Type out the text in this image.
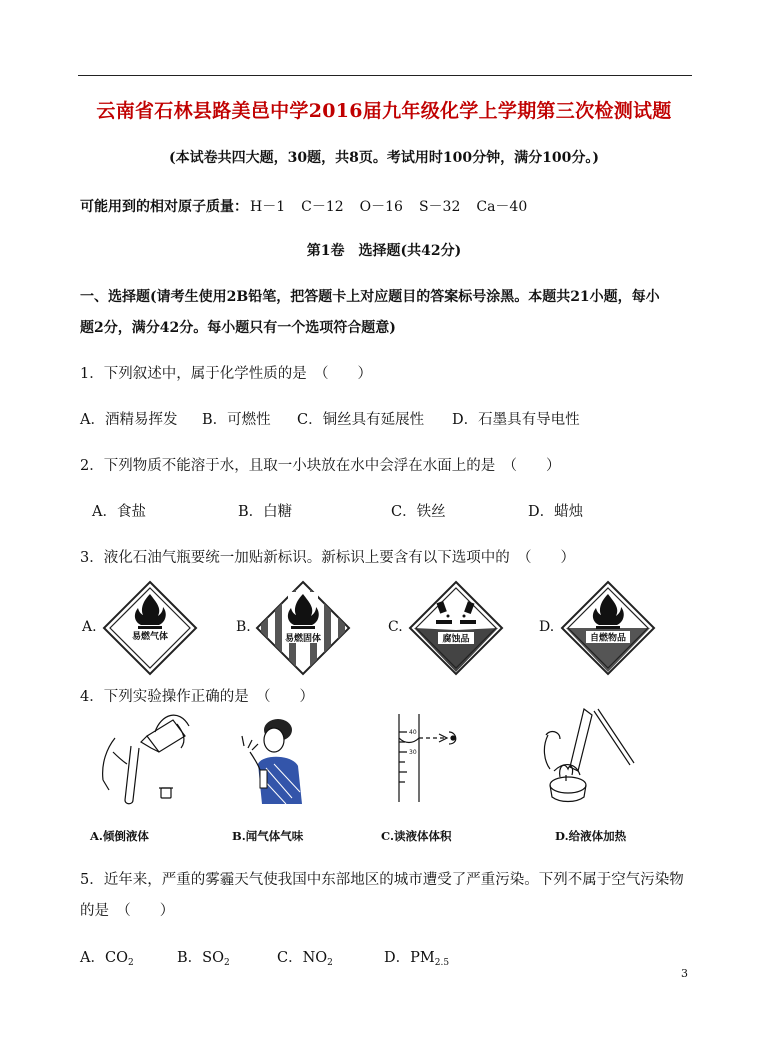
云南省石林县路美邑中学2016届九年级化学上学期第三次检测试题
(本试卷共四大题，30题，共8页。考试用时100分钟，满分100分。)
可能用到的相对原子质量： H－1 C－12 O－16 S－32 Ca－40
第1卷　选择题(共42分)
一、选择题(请考生使用2B铅笔，把答题卡上对应题目的答案标号涂黑。本题共21小题，每小
题2分，满分42分。每小题只有一个选项符合题意)
1．下列叙述中，属于化学性质的是　（　　）
A．酒精易挥发 B．可燃性 C．铜丝具有延展性 D．石墨具有导电性
2．下列物质不能溶于水，且取一小块放在水中会浮在水面上的是　（　　）
A．食盐	B．白糖	C．铁丝	D．蜡烛
3．液化石油气瓶要统一加贴新标识。新标识上要含有以下选项中的　（　　）
A.
易燃气体
B.
易燃固体
C.
腐蚀品
D.
自燃物品
4．下列实验操作正确的是　（　　）
40
30
A.倾倒液体	B.闻气体气味	C.读液体体积	D.给液体加热
5．近年来，严重的雾霾天气使我国中东部地区的城市遭受了严重污染。下列不属于空气污染物
的是　（　　）
A．$CO_2$	B．$SO_2$	C．$NO_2$	D．$PM_{2.5}$
3
